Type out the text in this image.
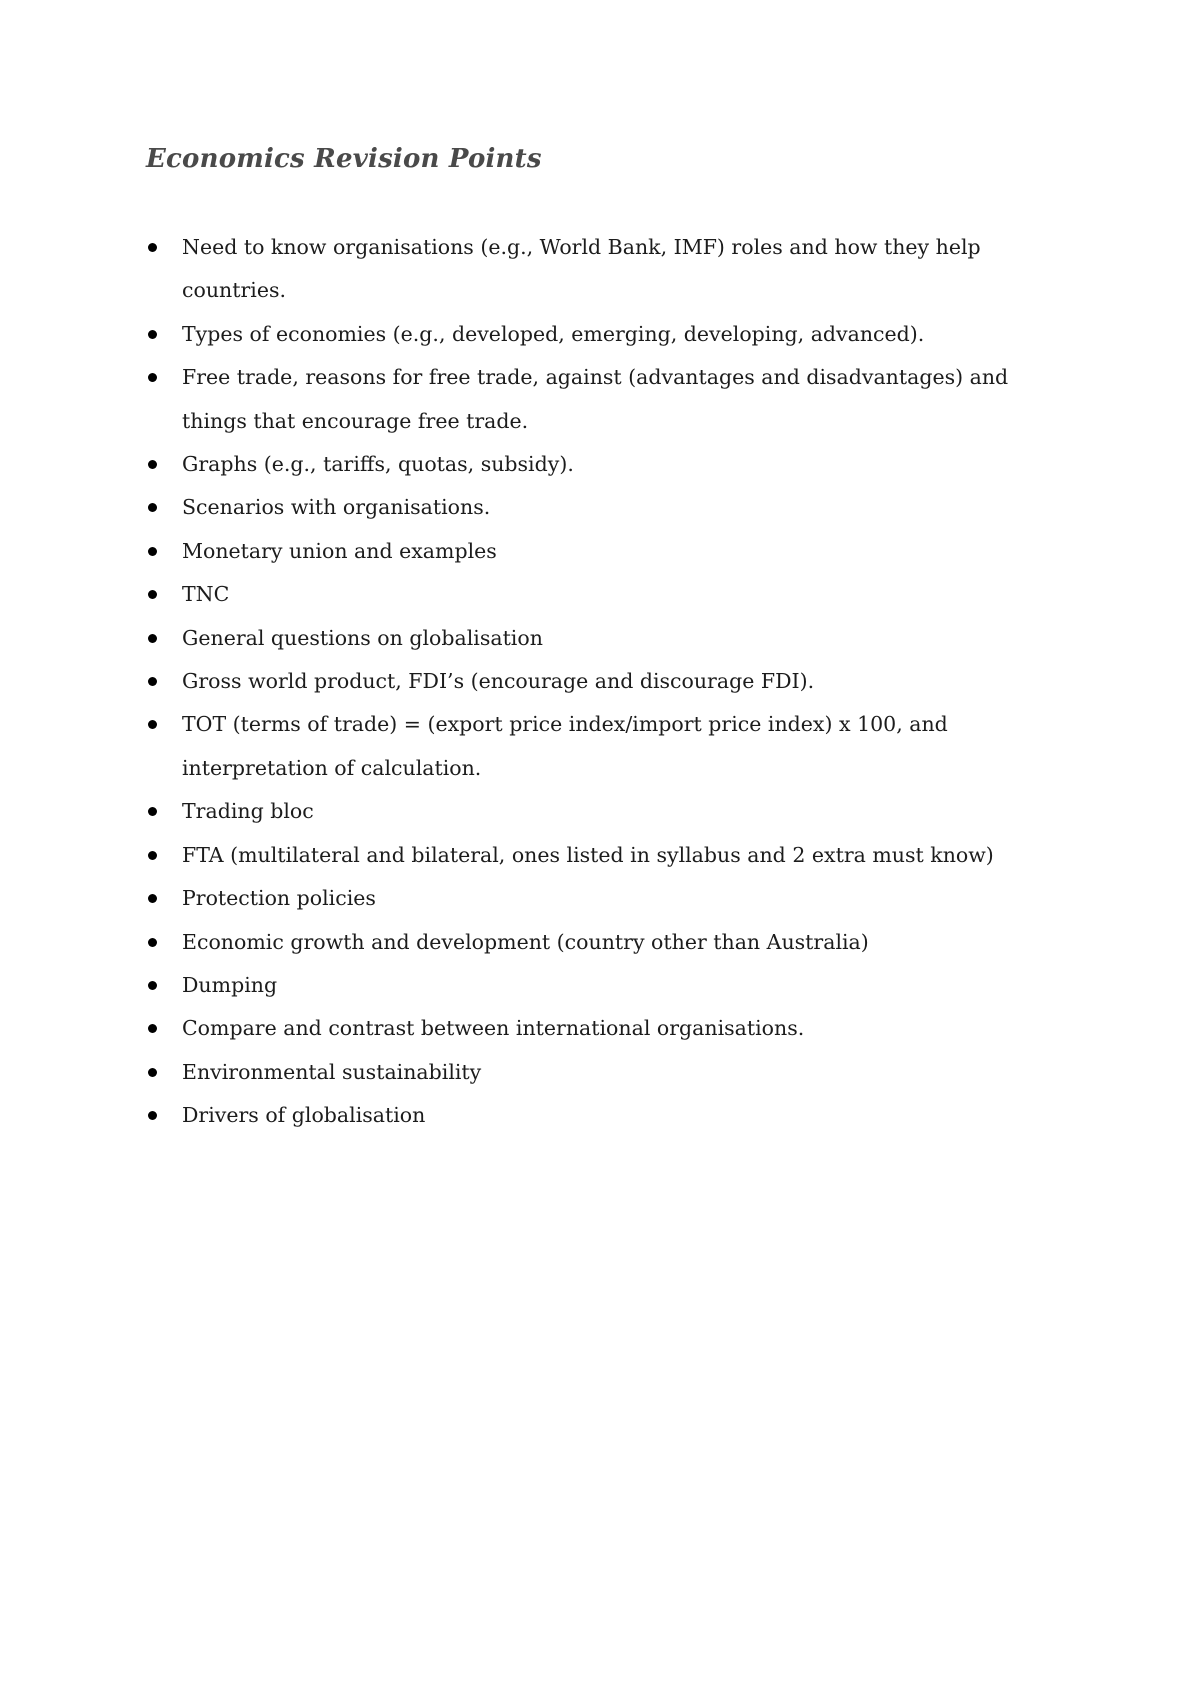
Economics Revision Points
Need to know organisations (e.g., World Bank, IMF) roles and how they help countries.
Types of economies (e.g., developed, emerging, developing, advanced).
Free trade, reasons for free trade, against (advantages and disadvantages) and things that encourage free trade.
Graphs (e.g., tariffs, quotas, subsidy).
Scenarios with organisations.
Monetary union and examples
TNC
General questions on globalisation
Gross world product, FDI’s (encourage and discourage FDI).
TOT (terms of trade) = (export price index/import price index) x 100, and interpretation of calculation.
Trading bloc
FTA (multilateral and bilateral, ones listed in syllabus and 2 extra must know)
Protection policies
Economic growth and development (country other than Australia)
Dumping
Compare and contrast between international organisations.
Environmental sustainability
Drivers of globalisation
